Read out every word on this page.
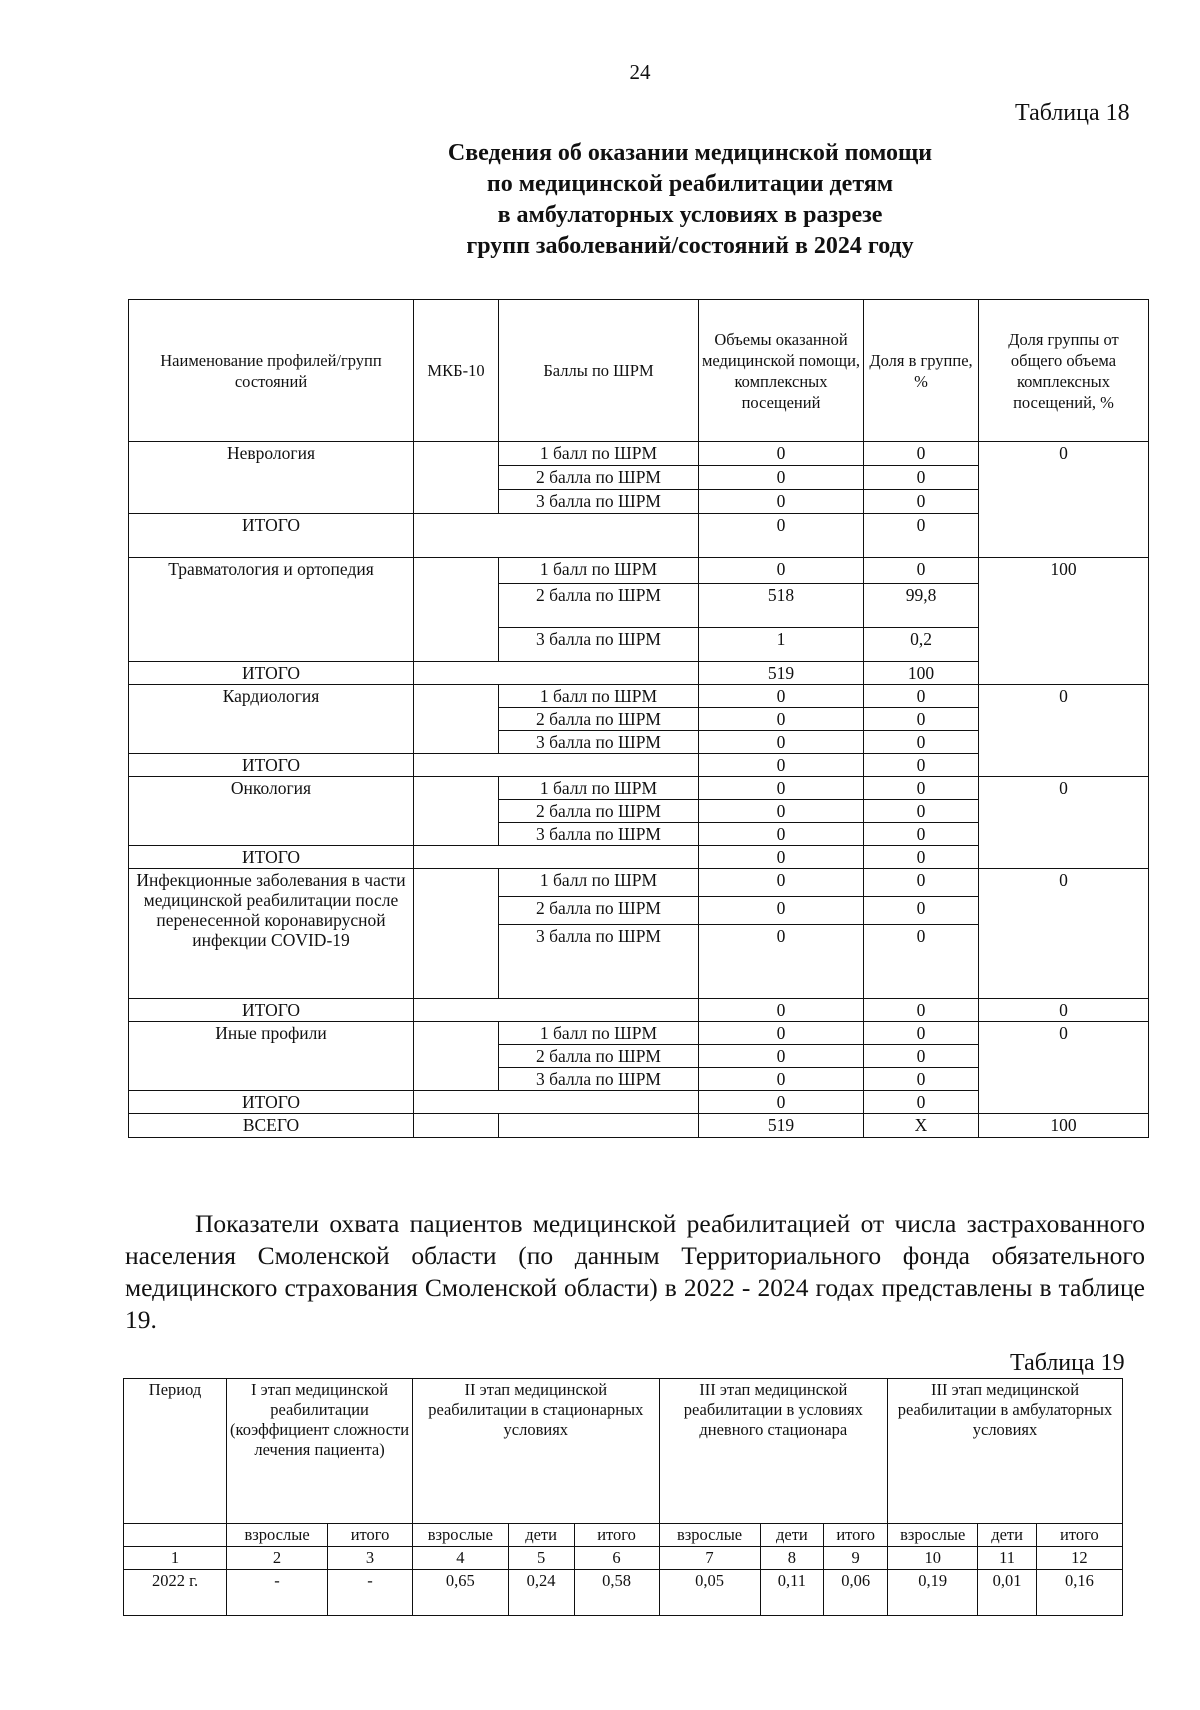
24
Таблица 18
Сведения об оказании медицинской помощи
по медицинской реабилитации детям
в амбулаторных условиях в разрезе
групп заболеваний/состояний в 2024 году
Наименование профилей/групп состояний	МКБ-10	Баллы по ШРМ	Объемы оказанной медицинской помощи, комплексных посещений	Доля в группе, %	Доля группы от общего объема комплексных посещений, %
Неврология		1 балл по ШРМ	0	0	0
		2 балла по ШРМ	0	0	
		3 балла по ШРМ	0	0	
ИТОГО			0	0	
Травматология и ортопедия		1 балл по ШРМ	0	0	100
		2 балла по ШРМ	518	99,8	
		3 балла по ШРМ	1	0,2	
ИТОГО			519	100	
Кардиология		1 балл по ШРМ	0	0	0
		2 балла по ШРМ	0	0	
		3 балла по ШРМ	0	0	
ИТОГО			0	0	
Онкология		1 балл по ШРМ	0	0	0
		2 балла по ШРМ	0	0	
		3 балла по ШРМ	0	0	
ИТОГО			0	0	
Инфекционные заболевания в части медицинской реабилитации после перенесенной коронавирусной инфекции COVID-19		1 балл по ШРМ	0	0	0
		2 балла по ШРМ	0	0	
		3 балла по ШРМ	0	0	
ИТОГО			0	0	0
Иные профили		1 балл по ШРМ	0	0	0
		2 балла по ШРМ	0	0	
		3 балла по ШРМ	0	0	
ИТОГО			0	0	
ВСЕГО			519	X	100
Показатели охвата пациентов медицинской реабилитацией от числа застрахованного населения Смоленской области (по данным Территориального фонда обязательного медицинского страхования Смоленской области) в 2022 - 2024 годах представлены в таблице 19.
Таблица 19
Период	I этап медицинской реабилитации (коэффициент сложности лечения пациента)		II этап медицинской реабилитации в стационарных условиях			III этап медицинской реабилитации в условиях дневного стационара			III этап медицинской реабилитации в амбулаторных условиях		
	взрослые	итого	взрослые	дети	итого	взрослые	дети	итого	взрослые	дети	итого
1	2	3	4	5	6	7	8	9	10	11	12
2022 г.	-	-	0,65	0,24	0,58	0,05	0,11	0,06	0,19	0,01	0,16
